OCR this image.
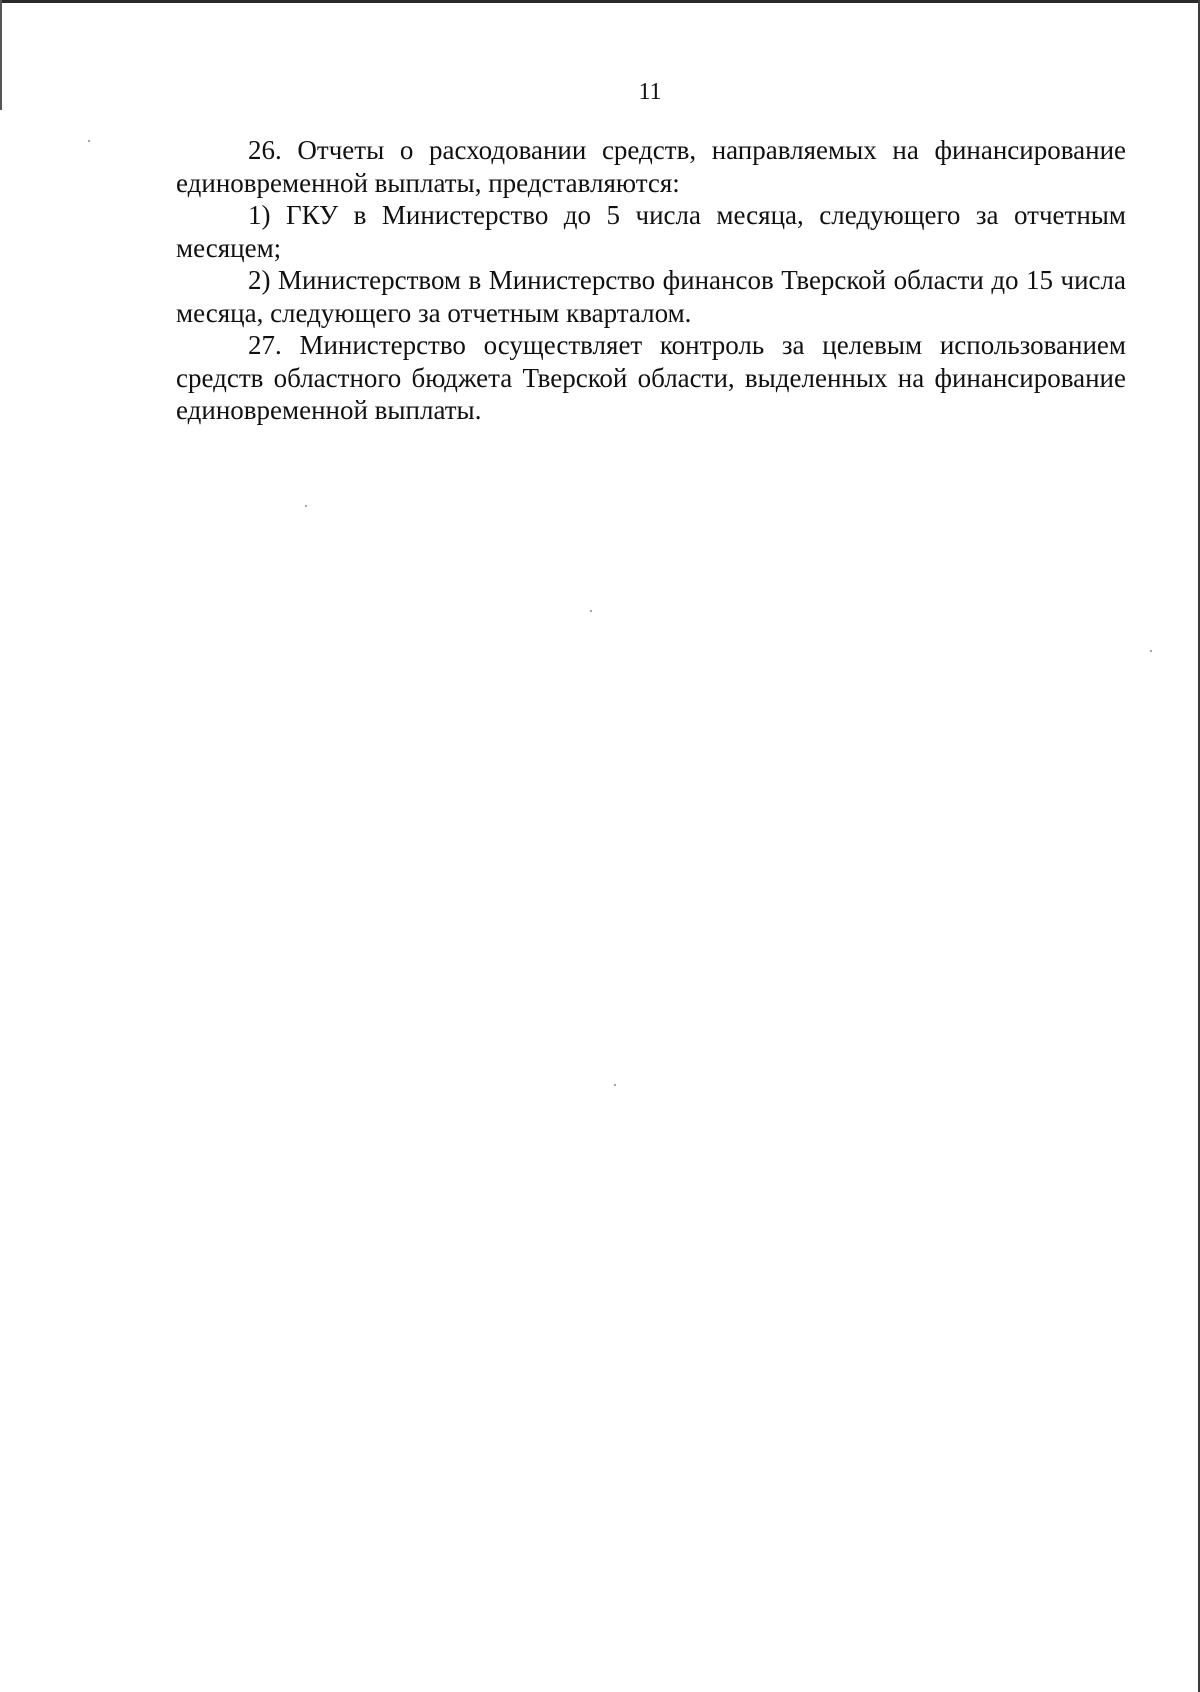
11

26. Отчеты о расходовании средств, направляемых на финансирование единовременной выплаты, представляются:

1) ГКУ в Министерство до 5 числа месяца, следующего за отчетным месяцем;

2) Министерством в Министерство финансов Тверской области до 15 числа месяца, следующего за отчетным кварталом.

27. Министерство осуществляет контроль за целевым использованием средств областного бюджета Тверской области, выделенных на финансирование единовременной выплаты.
